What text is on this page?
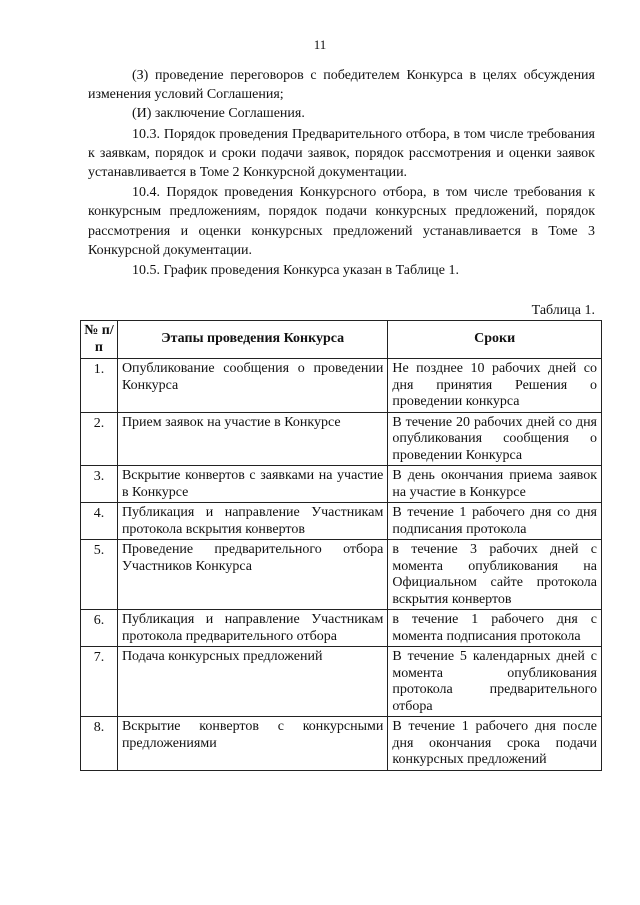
11

(З) проведение переговоров с победителем Конкурса в целях обсуждения изменения условий Соглашения;

(И) заключение Соглашения.

10.3. Порядок проведения Предварительного отбора, в том числе требования к заявкам, порядок и сроки подачи заявок, порядок рассмотрения и оценки заявок устанавливается в Томе 2 Конкурсной документации.

10.4. Порядок проведения Конкурсного отбора, в том числе требования к конкурсным предложениям, порядок подачи конкурсных предложений, порядок рассмотрения и оценки конкурсных предложений устанавливается в Томе 3 Конкурсной документации.

10.5. График проведения Конкурса указан в Таблице 1.

Таблица 1.
№ п/п	Этапы проведения Конкурса	Сроки
1.	Опубликование сообщения о проведении Конкурса	Не позднее 10 рабочих дней со дня принятия Решения о проведении конкурса
2.	Прием заявок на участие в Конкурсе	В течение 20 рабочих дней со дня опубликования сообщения о проведении Конкурса
3.	Вскрытие конвертов с заявками на участие в Конкурсе	В день окончания приема заявок на участие в Конкурсе
4.	Публикация и направление Участникам протокола вскрытия конвертов	В течение 1 рабочего дня со дня подписания протокола
5.	Проведение предварительного отбора Участников Конкурса	в течение 3 рабочих дней с момента опубликования на Официальном сайте протокола вскрытия конвертов
6.	Публикация и направление Участникам протокола предварительного отбора	в течение 1 рабочего дня с момента подписания протокола
7.	Подача конкурсных предложений	В течение 5 календарных дней с момента опубликования протокола предварительного отбора
8.	Вскрытие конвертов с конкурсными предложениями	В течение 1 рабочего дня после дня окончания срока подачи конкурсных предложений
